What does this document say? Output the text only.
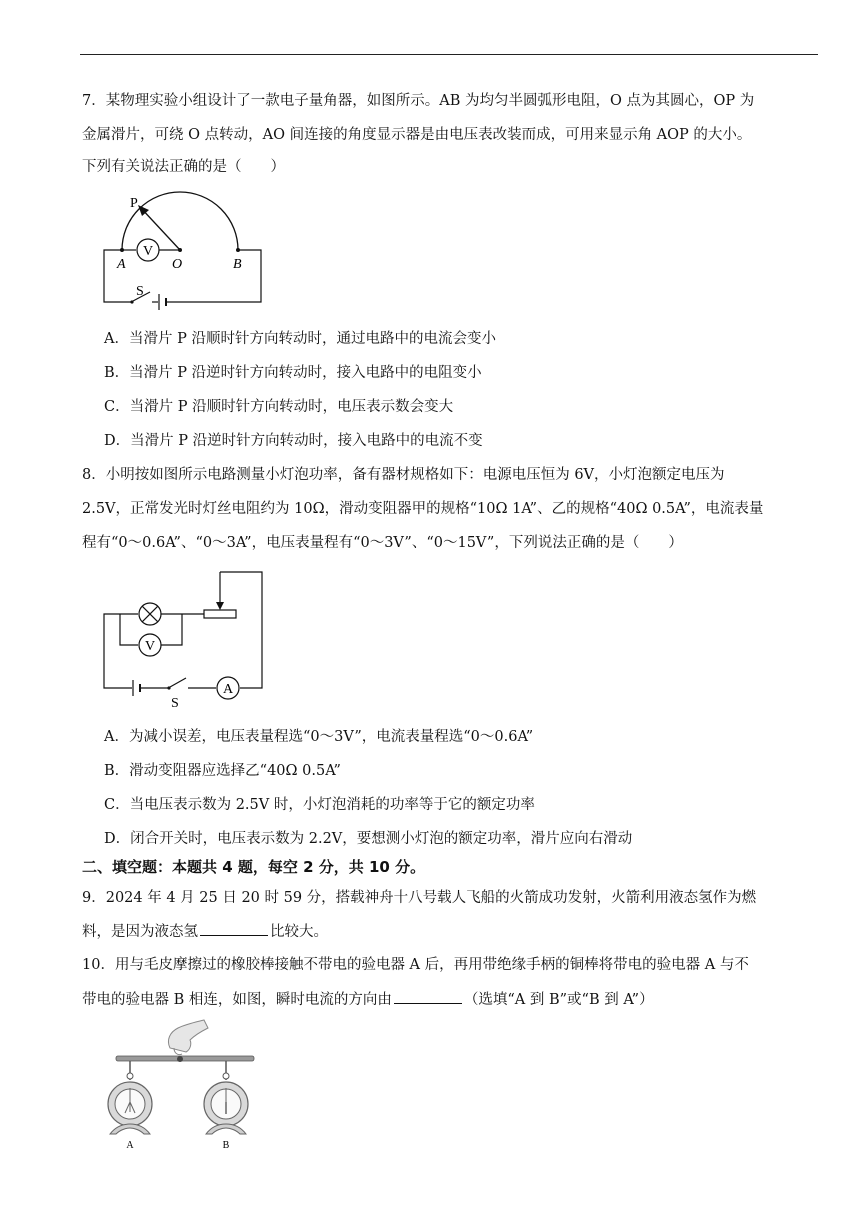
7．某物理实验小组设计了一款电子量角器，如图所示。AB 为均匀半圆弧形电阻，O 点为其圆心，OP 为
金属滑片，可绕 O 点转动，AO 间连接的角度显示器是由电压表改装而成，可用来显示角 AOP 的大小。
下列有关说法正确的是（　　）
V
P
A	O	B
S
A．当滑片 P 沿顺时针方向转动时，通过电路中的电流会变小
B．当滑片 P 沿逆时针方向转动时，接入电路中的电阻变小
C．当滑片 P 沿顺时针方向转动时，电压表示数会变大
D．当滑片 P 沿逆时针方向转动时，接入电路中的电流不变
8．小明按如图所示电路测量小灯泡功率，备有器材规格如下：电源电压恒为 6V，小灯泡额定电压为
2.5V，正常发光时灯丝电阻约为 10Ω，滑动变阻器甲的规格“10Ω 1A”、乙的规格“40Ω 0.5A”，电流表量
程有“0～0.6A”、“0～3A”，电压表量程有“0～3V”、“0～15V”，下列说法正确的是（　　）
V
A
S
A．为减小误差，电压表量程选“0～3V”，电流表量程选“0～0.6A”
B．滑动变阻器应选择乙“40Ω 0.5A”
C．当电压表示数为 2.5V 时，小灯泡消耗的功率等于它的额定功率
D．闭合开关时，电压表示数为 2.2V，要想测小灯泡的额定功率，滑片应向右滑动
二、填空题：本题共 4 题，每空 2 分，共 10 分。
9．2024 年 4 月 25 日 20 时 59 分，搭载神舟十八号载人飞船的火箭成功发射，火箭利用液态氢作为燃
料，是因为液态氢	比较大。
10．用与毛皮摩擦过的橡胶棒接触不带电的验电器 A 后，再用带绝缘手柄的铜棒将带电的验电器 A 与不
带电的验电器 B 相连，如图，瞬时电流的方向由	（选填“A 到 B”或“B 到 A”）
A	B
